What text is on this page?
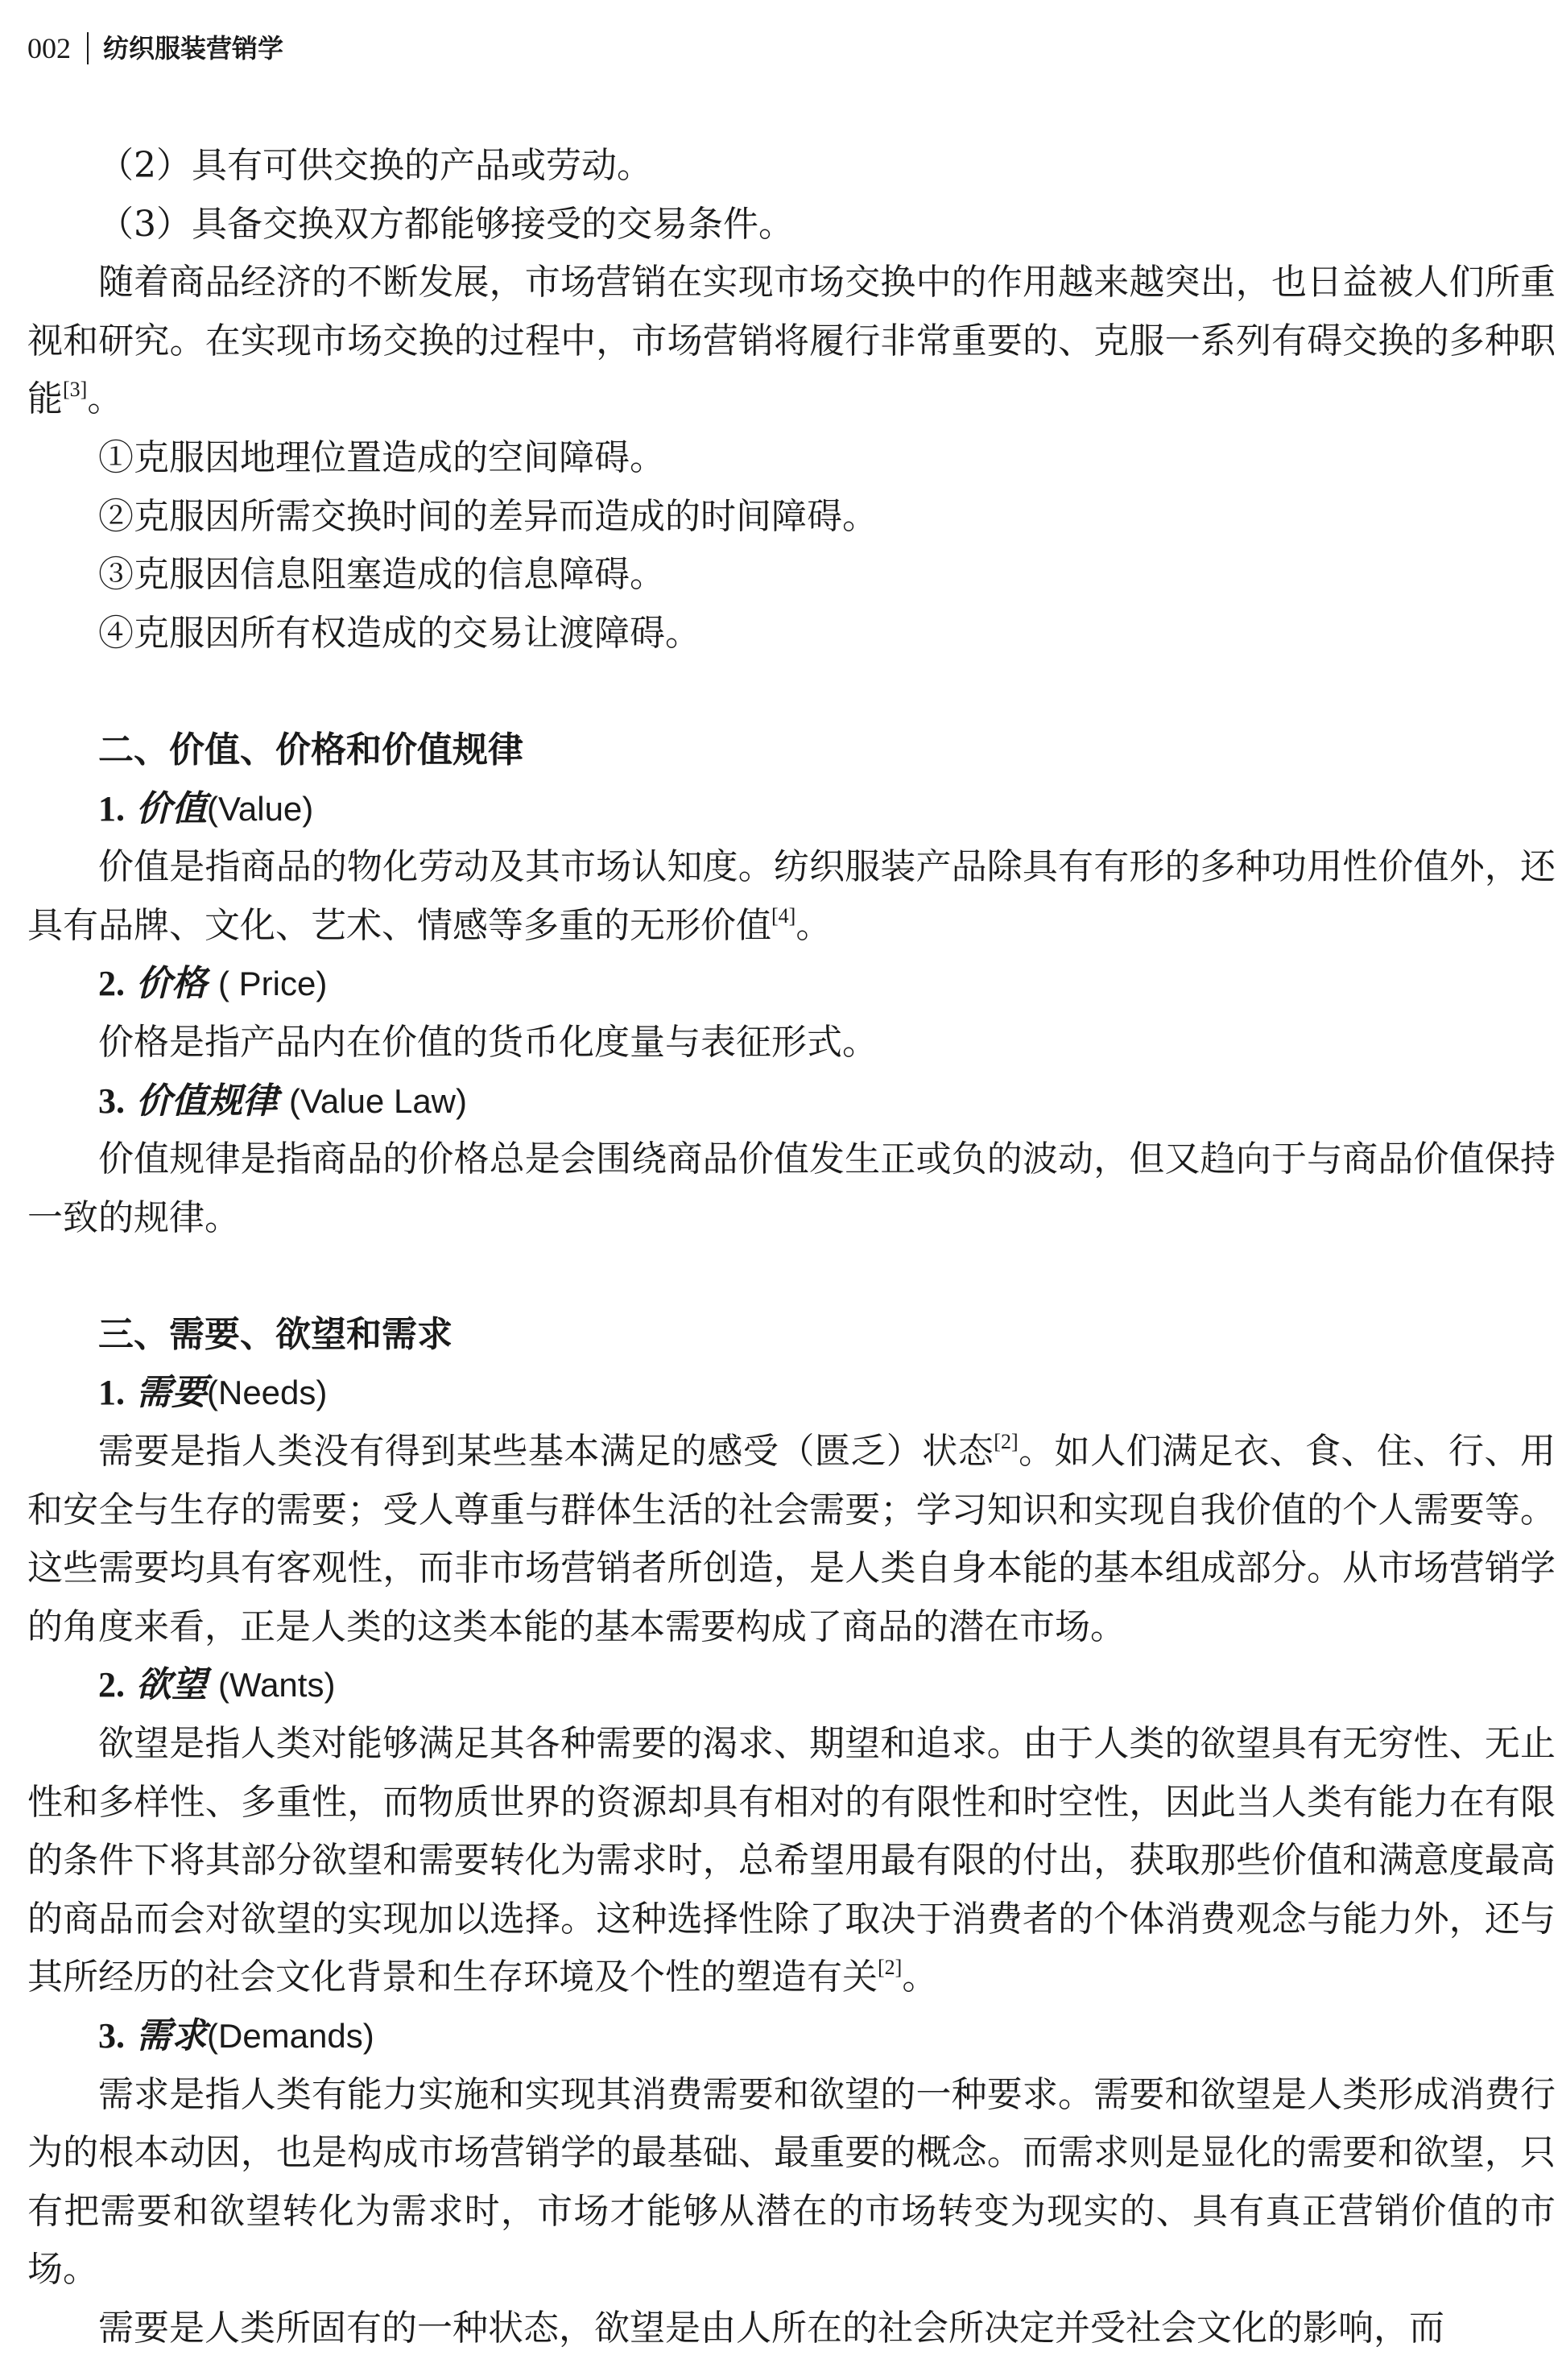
002 纺织服装营销学
（2）具有可供交换的产品或劳动。
（3）具备交换双方都能够接受的交易条件。

随着商品经济的不断发展，市场营销在实现市场交换中的作用越来越突出，也日益被人们所重视和研究。在实现市场交换的过程中，市场营销将履行非常重要的、克服一系列有碍交换的多种职能[3]。

①克服因地理位置造成的空间障碍。
②克服因所需交换时间的差异而造成的时间障碍。
③克服因信息阻塞造成的信息障碍。
④克服因所有权造成的交易让渡障碍。
二、价值、价格和价值规律
1. 价值(Value)

价值是指商品的物化劳动及其市场认知度。纺织服装产品除具有有形的多种功用性价值外，还具有品牌、文化、艺术、情感等多重的无形价值[4]。

2. 价格 ( Price)

价格是指产品内在价值的货币化度量与表征形式。

3. 价值规律 (Value Law)

价值规律是指商品的价格总是会围绕商品价值发生正或负的波动，但又趋向于与商品价值保持一致的规律。

三、需要、欲望和需求
1. 需要(Needs)

需要是指人类没有得到某些基本满足的感受（匮乏）状态[2]。如人们满足衣、食、住、行、用和安全与生存的需要；受人尊重与群体生活的社会需要；学习知识和实现自我价值的个人需要等。这些需要均具有客观性，而非市场营销者所创造，是人类自身本能的基本组成部分。从市场营销学的角度来看，正是人类的这类本能的基本需要构成了商品的潜在市场。

2. 欲望 (Wants)

欲望是指人类对能够满足其各种需要的渴求、期望和追求。由于人类的欲望具有无穷性、无止性和多样性、多重性，而物质世界的资源却具有相对的有限性和时空性，因此当人类有能力在有限的条件下将其部分欲望和需要转化为需求时，总希望用最有限的付出，获取那些价值和满意度最高的商品而会对欲望的实现加以选择。这种选择性除了取决于消费者的个体消费观念与能力外，还与其所经历的社会文化背景和生存环境及个性的塑造有关[2]。

3. 需求(Demands)

需求是指人类有能力实施和实现其消费需要和欲望的一种要求。需要和欲望是人类形成消费行为的根本动因，也是构成市场营销学的最基础、最重要的概念。而需求则是显化的需要和欲望，只有把需要和欲望转化为需求时，市场才能够从潜在的市场转变为现实的、具有真正营销价值的市场。

需要是人类所固有的一种状态，欲望是由人所在的社会所决定并受社会文化的影响，而
